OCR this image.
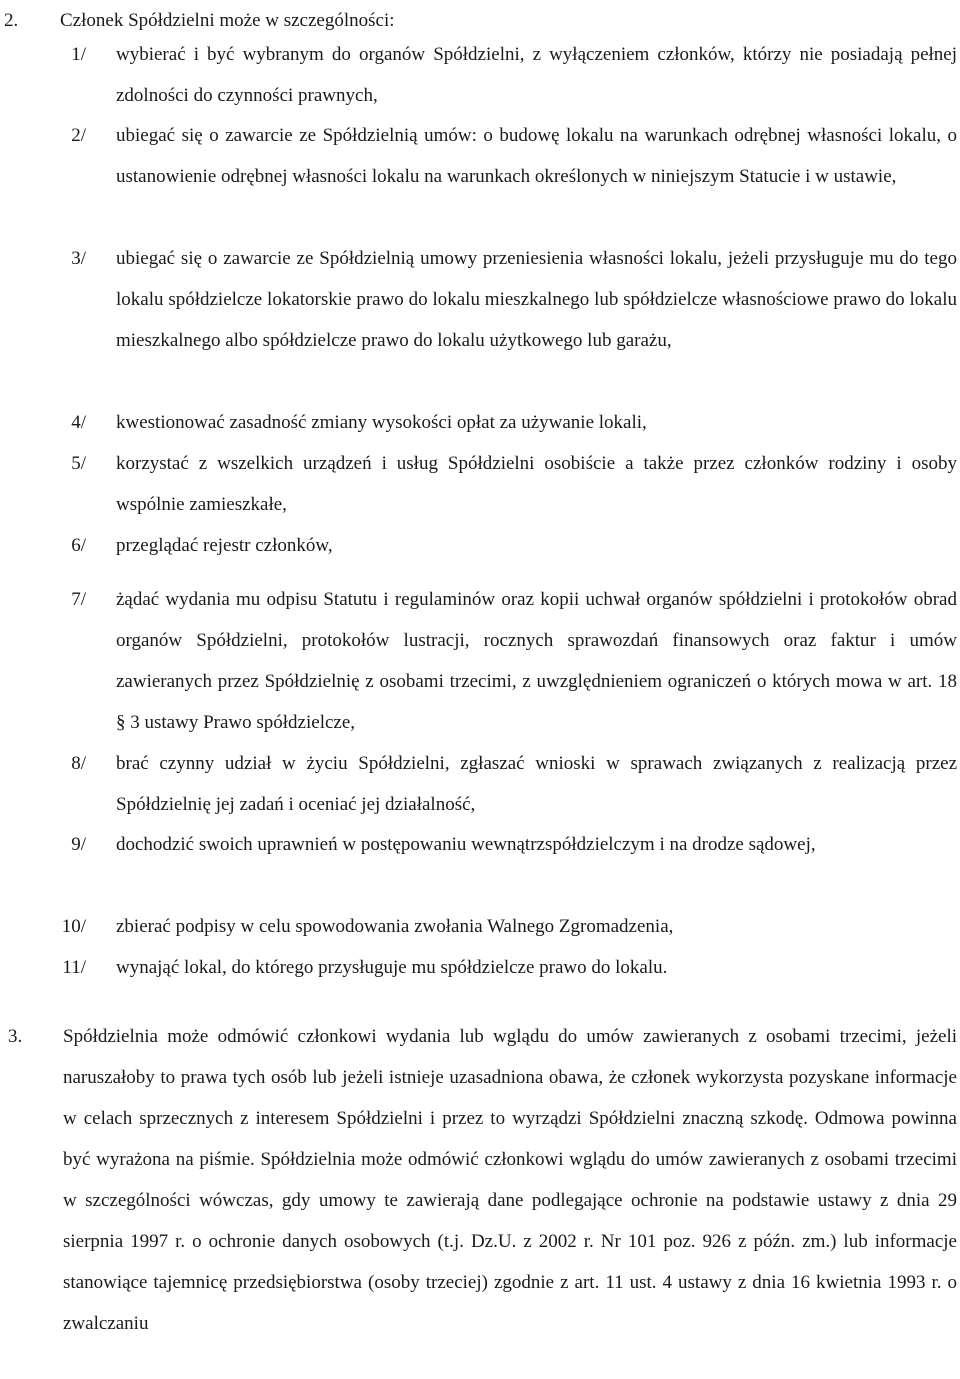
2. Członek Spółdzielni może w szczególności:
1/ wybierać i być wybranym do organów Spółdzielni, z wyłączeniem członków, którzy nie posiadają pełnej zdolności do czynności prawnych,
2/ ubiegać się o zawarcie ze Spółdzielnią umów: o budowę lokalu na warunkach odrębnej własności lokalu, o ustanowienie odrębnej własności lokalu na warunkach określonych w niniejszym Statucie i w ustawie,
3/ ubiegać się o zawarcie ze Spółdzielnią umowy przeniesienia własności lokalu, jeżeli przysługuje mu do tego lokalu spółdzielcze lokatorskie prawo do lokalu mieszkalnego lub spółdzielcze własnościowe prawo do lokalu mieszkalnego albo spółdzielcze prawo do lokalu użytkowego lub garażu,
4/ kwestionować zasadność zmiany wysokości opłat za używanie lokali,
5/ korzystać z wszelkich urządzeń i usług Spółdzielni osobiście a także przez członków rodziny i osoby wspólnie zamieszkałe,
6/ przeglądać rejestr członków,
7/ żądać wydania mu odpisu Statutu i regulaminów oraz kopii uchwał organów spółdzielni i protokołów obrad organów Spółdzielni, protokołów lustracji, rocznych sprawozdań finansowych oraz faktur i umów zawieranych przez Spółdzielnię z osobami trzecimi, z uwzględnieniem ograniczeń o których mowa w art. 18 § 3 ustawy Prawo spółdzielcze,
8/ brać czynny udział w życiu Spółdzielni, zgłaszać wnioski w sprawach związanych z realizacją przez Spółdzielnię jej zadań i oceniać jej działalność,
9/ dochodzić swoich uprawnień w postępowaniu wewnątrzspółdzielczym i na drodze sądowej,
10/ zbierać podpisy w celu spowodowania zwołania Walnego Zgromadzenia,
11/ wynająć lokal, do którego przysługuje mu spółdzielcze prawo do lokalu.
3. Spółdzielnia może odmówić członkowi wydania lub wglądu do umów zawieranych z osobami trzecimi, jeżeli naruszałoby to prawa tych osób lub jeżeli istnieje uzasadniona obawa, że członek wykorzysta pozyskane informacje w celach sprzecznych z interesem Spółdzielni i przez to wyrządzi Spółdzielni znaczną szkodę. Odmowa powinna być wyrażona na piśmie. Spółdzielnia może odmówić członkowi wglądu do umów zawieranych z osobami trzecimi w szczególności wówczas, gdy umowy te zawierają dane podlegające ochronie na podstawie ustawy z dnia 29 sierpnia 1997 r. o ochronie danych osobowych (t.j. Dz.U. z 2002 r. Nr 101 poz. 926 z późn. zm.) lub informacje stanowiące tajemnicę przedsiębiorstwa (osoby trzeciej) zgodnie z art. 11 ust. 4 ustawy z dnia 16 kwietnia 1993 r. o zwalczaniu
